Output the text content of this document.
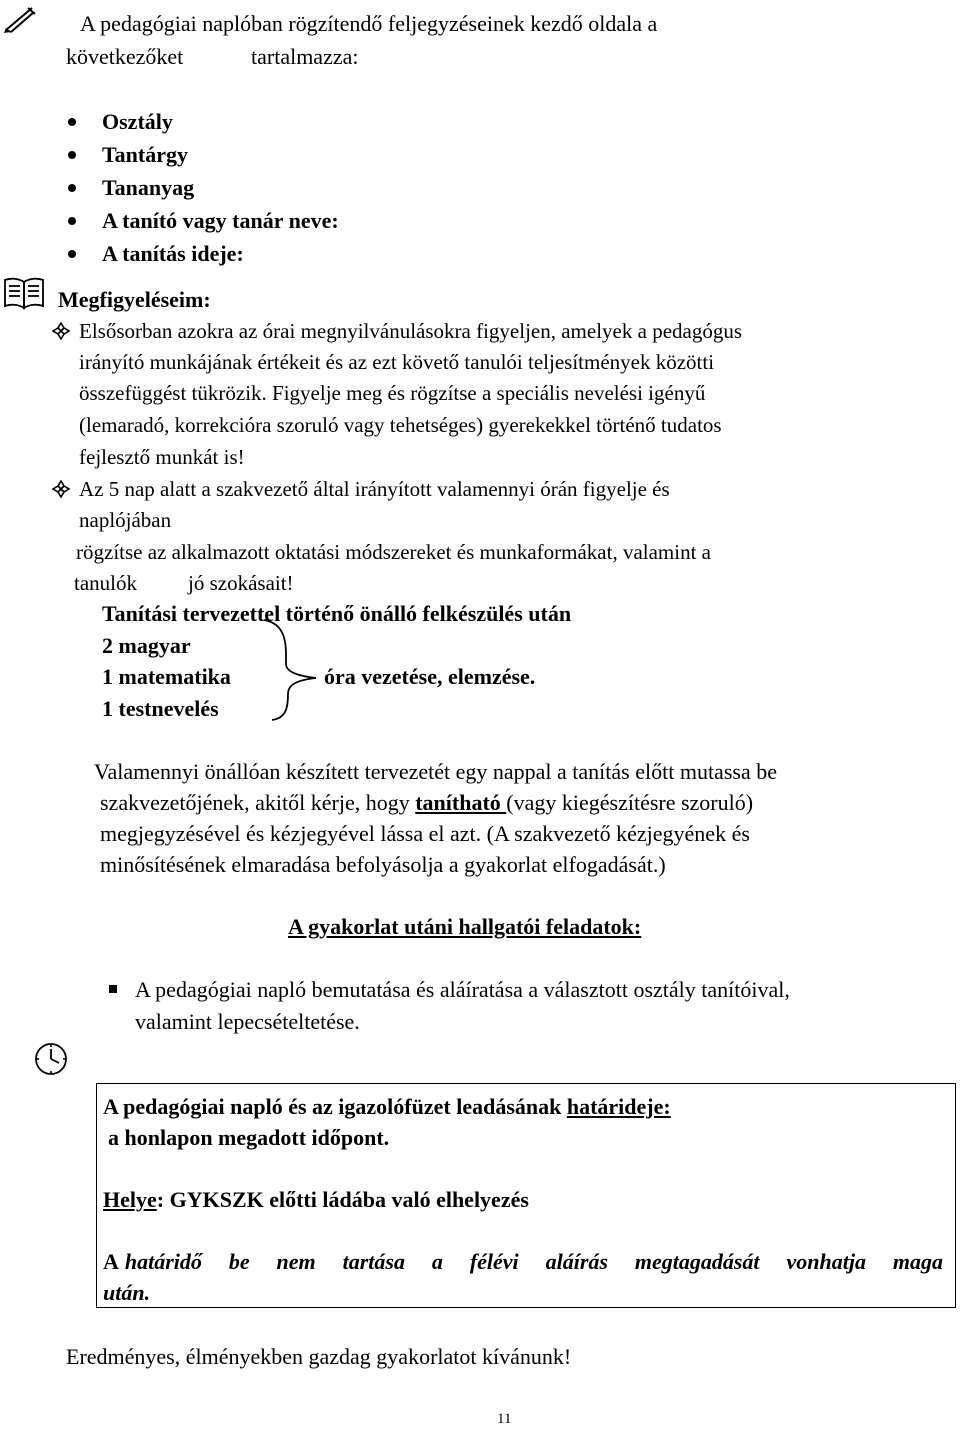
A pedagógiai naplóban rögzítendő feljegyzéseinek kezdő oldala a
következőket	tartalmazza:
Osztály
Tantárgy
Tananyag
A tanító vagy tanár neve:
A tanítás ideje:
Megfigyeléseim:
Elsősorban azokra az órai megnyilvánulásokra figyeljen, amelyek a pedagógus
irányító munkájának értékeit és az ezt követő tanulói teljesítmények közötti
összefüggést tükrözik. Figyelje meg és rögzítse a speciális nevelési igényű
(lemaradó, korrekcióra szoruló vagy tehetséges) gyerekekkel történő tudatos
fejlesztő munkát is!
Az 5 nap alatt a szakvezető által irányított valamennyi órán figyelje és
naplójában
rögzítse az alkalmazott oktatási módszereket és munkaformákat, valamint a
tanulók jó szokásait!
Tanítási tervezettel történő önálló felkészülés után
2 magyar
1 matematika
1 testnevelés
óra vezetése, elemzése.
Valamennyi önállóan készített tervezetét egy nappal a tanítás előtt mutassa be
szakvezetőjének, akitől kérje, hogy tanítható (vagy kiegészítésre szoruló)
megjegyzésével és kézjegyével lássa el azt. (A szakvezető kézjegyének és
minősítésének elmaradása befolyásolja a gyakorlat elfogadását.)
A gyakorlat utáni hallgatói feladatok:
A pedagógiai napló bemutatása és aláíratása a választott osztály tanítóival,
valamint lepecsételtetése.
A pedagógiai napló és az igazolófüzet leadásának határideje:
a honlapon megadott időpont.
Helye: GYKSZK előtti ládába való elhelyezés
A határidő be nem tartása a félévi aláírás megtagadását vonhatja maga
után.
Eredményes, élményekben gazdag gyakorlatot kívánunk!
11
